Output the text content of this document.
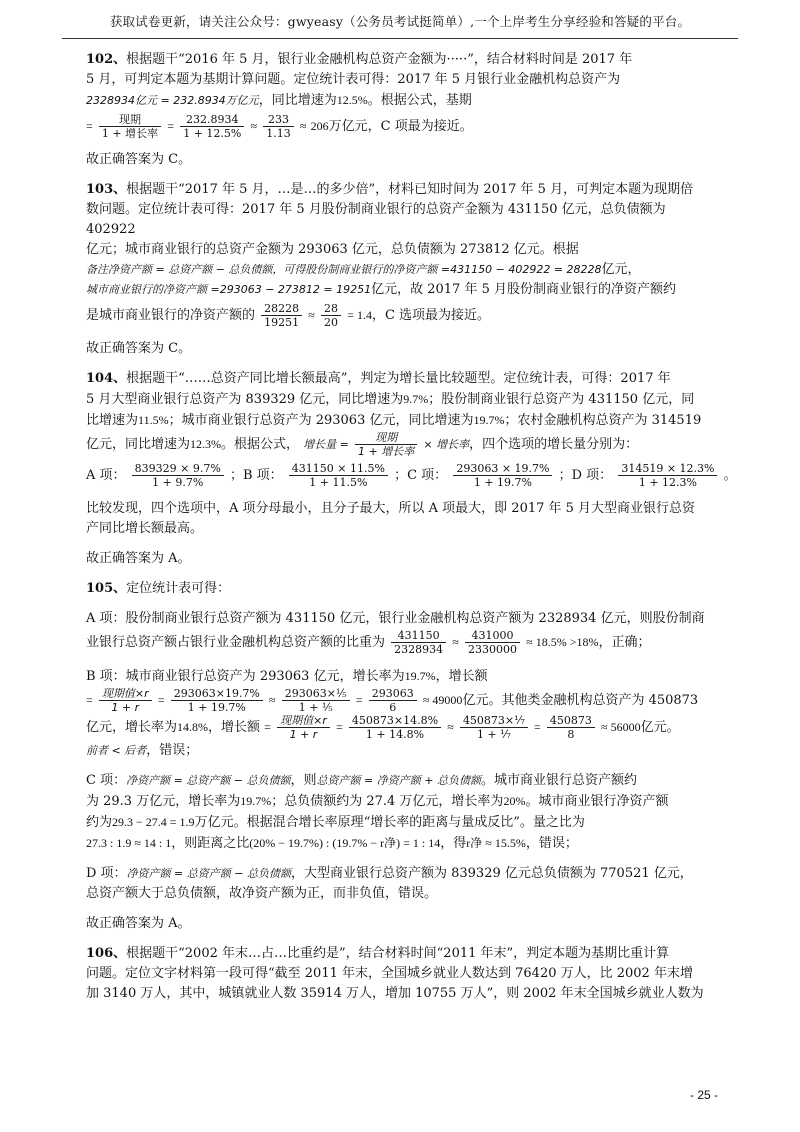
获取试卷更新，请关注公众号：gwyeasy（公务员考试挺简单）,一个上岸考生分享经验和答疑的平台。

102、根据题干“2016 年 5 月，银行业金融机构总资产金额为·····”，结合材料时间是 2017 年

5 月，可判定本题为基期计算问题。定位统计表可得：2017 年 5 月银行业金融机构总资产为

2328934亿元 = 232.8934万亿元，同比增速为12.5%。根据公式，基期

= $\frac{\text{现期}}{\text{1 + 增长率}} = \frac{232.8934}{1 + 12.5\%} \approx \frac{233}{1.13} \approx 206$万亿元，C 项最为接近。

故正确答案为 C。

103、根据题干“2017 年 5 月，…是…的多少倍”，材料已知时间为 2017 年 5 月，可判定本题为现期倍

数问题。定位统计表可得：2017 年 5 月股份制商业银行的总资产金额为 431150 亿元，总负债额为 402922

亿元；城市商业银行的总资产金额为 293063 亿元，总负债额为 273812 亿元。根据

备注净资产额 = 总资产额 − 总负债额，可得股份制商业银行的净资产额 =431150 − 402922 = 28228亿元，

城市商业银行的净资产额 =293063 − 273812 = 19251亿元，故 2017 年 5 月股份制商业银行的净资产额约

是城市商业银行的净资产额的 $\frac{28228}{19251} \approx \frac{28}{20} = 1.4$，C 选项最为接近。

故正确答案为 C。

104、根据题干“……总资产同比增长额最高”，判定为增长量比较题型。定位统计表，可得：2017 年

5 月大型商业银行总资产为 839329 亿元，同比增速为9.7%；股份制商业银行总资产为 431150 亿元，同

比增速为11.5%；城市商业银行总资产为 293063 亿元，同比增速为19.7%；农村金融机构总资产为 314519

亿元，同比增速为12.3%。根据公式， 增长量 = $\frac{\text{现期}}{\text{1 + 增长率}}$ × 增长率，四个选项的增长量分别为：

A 项： $\frac{839329 \times 9.7\%}{1 + 9.7\%}$ ；B 项： $\frac{431150 \times 11.5\%}{1 + 11.5\%}$ ；C 项： $\frac{293063 \times 19.7\%}{1 + 19.7\%}$ ；D 项： $\frac{314519 \times 12.3\%}{1 + 12.3\%}$ 。

比较发现，四个选项中，A 项分母最小，且分子最大，所以 A 项最大，即 2017 年 5 月大型商业银行总资

产同比增长额最高。

故正确答案为 A。

105、定位统计表可得：

A 项：股份制商业银行总资产额为 431150 亿元，银行业金融机构总资产额为 2328934 亿元，则股份制商

业银行总资产额占银行业金融机构总资产额的比重为 $\frac{431150}{2328934} \approx \frac{431000}{2330000} \approx 18.5\% >18\%$，正确；

B 项：城市商业银行总资产为 293063 亿元，增长率为19.7%，增长额

= $\frac{\text{现期值×r}}{1 + r} = \frac{293063\times 19.7\%}{1 + 19.7\%} \approx \frac{\text{293063×⅕}}{\text{1 + ⅕}} = \frac{293063}{6} \approx 49000$亿元。其他类金融机构总资产为 450873

亿元，增长率为14.8%，增长额 = $\frac{\text{现期值×r}}{1 + r} = \frac{450873\times 14.8\%}{1 + 14.8\%} \approx \frac{\text{450873×⅐}}{\text{1 + ⅐}} = \frac{450873}{8} \approx 56000$亿元。

前者 < 后者，错误；

C 项：净资产额 = 总资产额 − 总负债额，则总资产额 = 净资产额 + 总负债额。城市商业银行总资产额约

为 29.3 万亿元，增长率为19.7%；总负债额约为 27.4 万亿元，增长率为20%。城市商业银行净资产额

约为29.3 − 27.4 = 1.9万亿元。根据混合增长率原理“增长率的距离与量成反比”。量之比为

27.3 : 1.9 ≈ 14 : 1，则距离之比(20% − 19.7%) : (19.7% − r净) = 1 : 14，得r净 ≈ 15.5%，错误；

D 项：净资产额 = 总资产额 − 总负债额，大型商业银行总资产额为 839329 亿元总负债额为 770521 亿元，

总资产额大于总负债额，故净资产额为正，而非负值，错误。

故正确答案为 A。

106、根据题干“2002 年末…占…比重约是”，结合材料时间“2011 年末”，判定本题为基期比重计算

问题。定位文字材料第一段可得“截至 2011 年末，全国城乡就业人数达到 76420 万人，比 2002 年末增

加 3140 万人，其中，城镇就业人数 35914 万人，增加 10755 万人”，则 2002 年末全国城乡就业人数为

- 25 -
